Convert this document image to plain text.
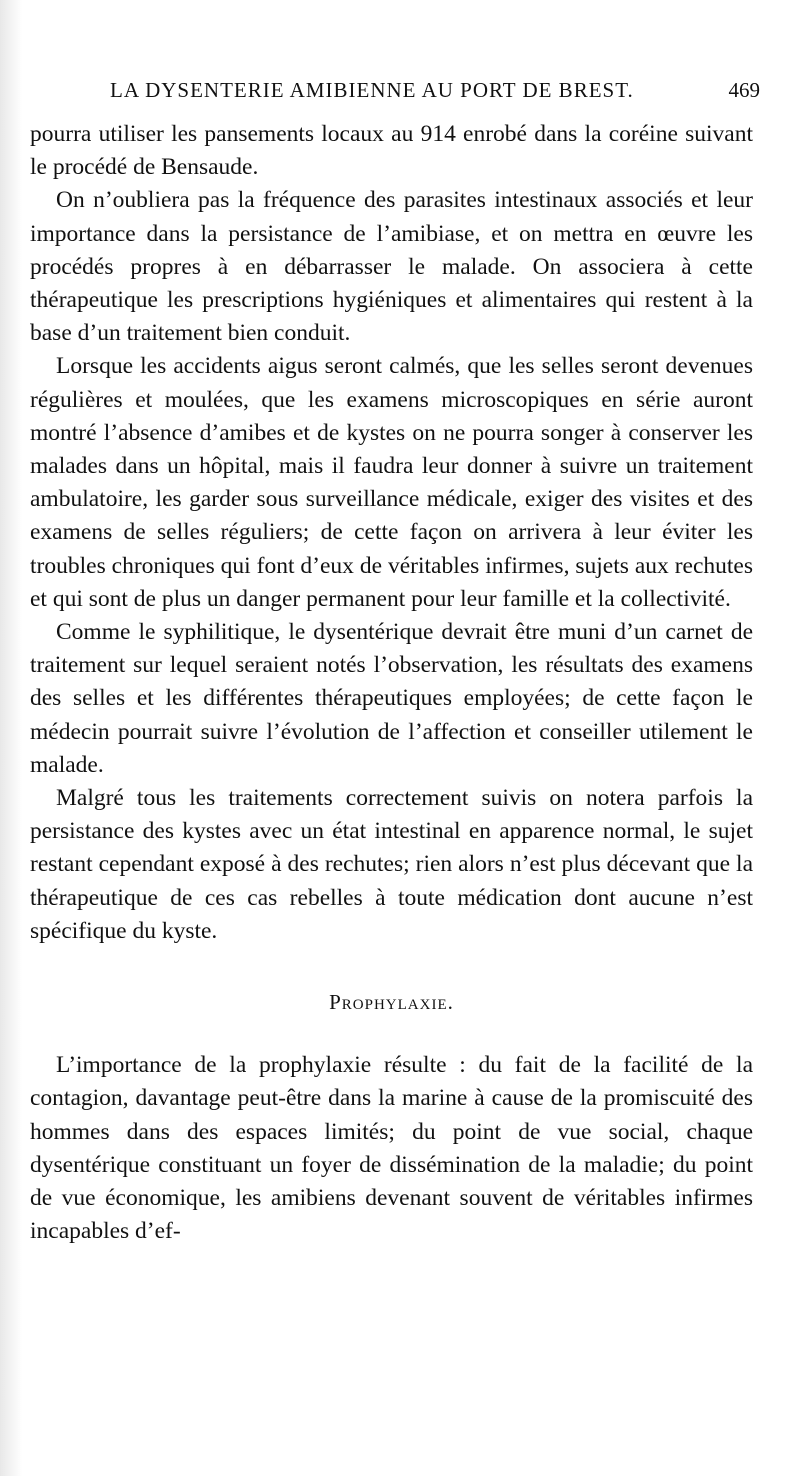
LA DYSENTERIE AMIBIENNE AU PORT DE BREST.	469

pourra utiliser les pansements locaux au 914 enrobé dans la coréine suivant le procédé de Bensaude.

On n’oubliera pas la fréquence des parasites intestinaux associés et leur importance dans la persistance de l’amibiase, et on mettra en œuvre les procédés propres à en débarrasser le malade. On associera à cette thérapeutique les prescriptions hygiéniques et alimentaires qui restent à la base d’un traitement bien conduit.

Lorsque les accidents aigus seront calmés, que les selles seront devenues régulières et moulées, que les examens microscopiques en série auront montré l’absence d’amibes et de kystes on ne pourra songer à conserver les malades dans un hôpital, mais il faudra leur donner à suivre un traitement ambulatoire, les garder sous surveillance médicale, exiger des visites et des examens de selles réguliers; de cette façon on arrivera à leur éviter les troubles chroniques qui font d’eux de véritables infirmes, sujets aux rechutes et qui sont de plus un danger permanent pour leur famille et la collectivité.

Comme le syphilitique, le dysentérique devrait être muni d’un carnet de traitement sur lequel seraient notés l’observation, les résultats des examens des selles et les différentes thérapeutiques employées; de cette façon le médecin pourrait suivre l’évolution de l’affection et conseiller utilement le malade.

Malgré tous les traitements correctement suivis on notera parfois la persistance des kystes avec un état intestinal en apparence normal, le sujet restant cependant exposé à des rechutes; rien alors n’est plus décevant que la thérapeutique de ces cas rebelles à toute médication dont aucune n’est spécifique du kyste.

Prophylaxie.

L’importance de la prophylaxie résulte : du fait de la facilité de la contagion, davantage peut-être dans la marine à cause de la promiscuité des hommes dans des espaces limités; du point de vue social, chaque dysentérique constituant un foyer de dissémination de la maladie; du point de vue économique, les amibiens devenant souvent de véritables infirmes incapables d’ef-
